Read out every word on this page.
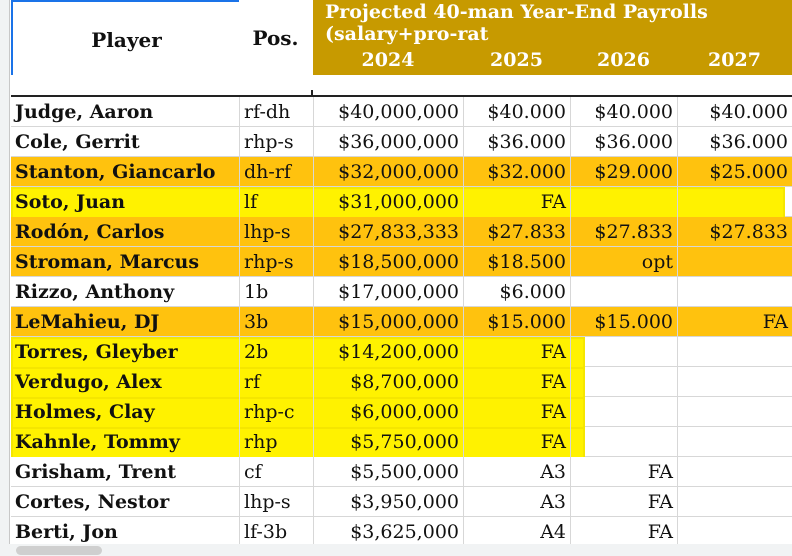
Player	Pos.
Projected 40-man Year-End Payrolls (salary+pro-rat
2024	2025	2026	2027
Judge, Aaron	rf-dh	$40,000,000	$40.000	$40.000	$40.000
Cole, Gerrit	rhp-s	$36,000,000	$36.000	$36.000	$36.000
Stanton, Giancarlo	dh-rf	$32,000,000	$32.000	$29.000	$25.000
Soto, Juan	lf	$31,000,000	FA
Rodón, Carlos	lhp-s	$27,833,333	$27.833	$27.833	$27.833
Stroman, Marcus	rhp-s	$18,500,000	$18.500	opt
Rizzo, Anthony	1b	$17,000,000	$6.000
LeMahieu, DJ	3b	$15,000,000	$15.000	$15.000	FA
Torres, Gleyber	2b	$14,200,000	FA
Verdugo, Alex	rf	$8,700,000	FA
Holmes, Clay	rhp-c	$6,000,000	FA
Kahnle, Tommy	rhp	$5,750,000	FA
Grisham, Trent	cf	$5,500,000	A3	FA
Cortes, Nestor	lhp-s	$3,950,000	A3	FA
Berti, Jon	lf-3b	$3,625,000	A4	FA
